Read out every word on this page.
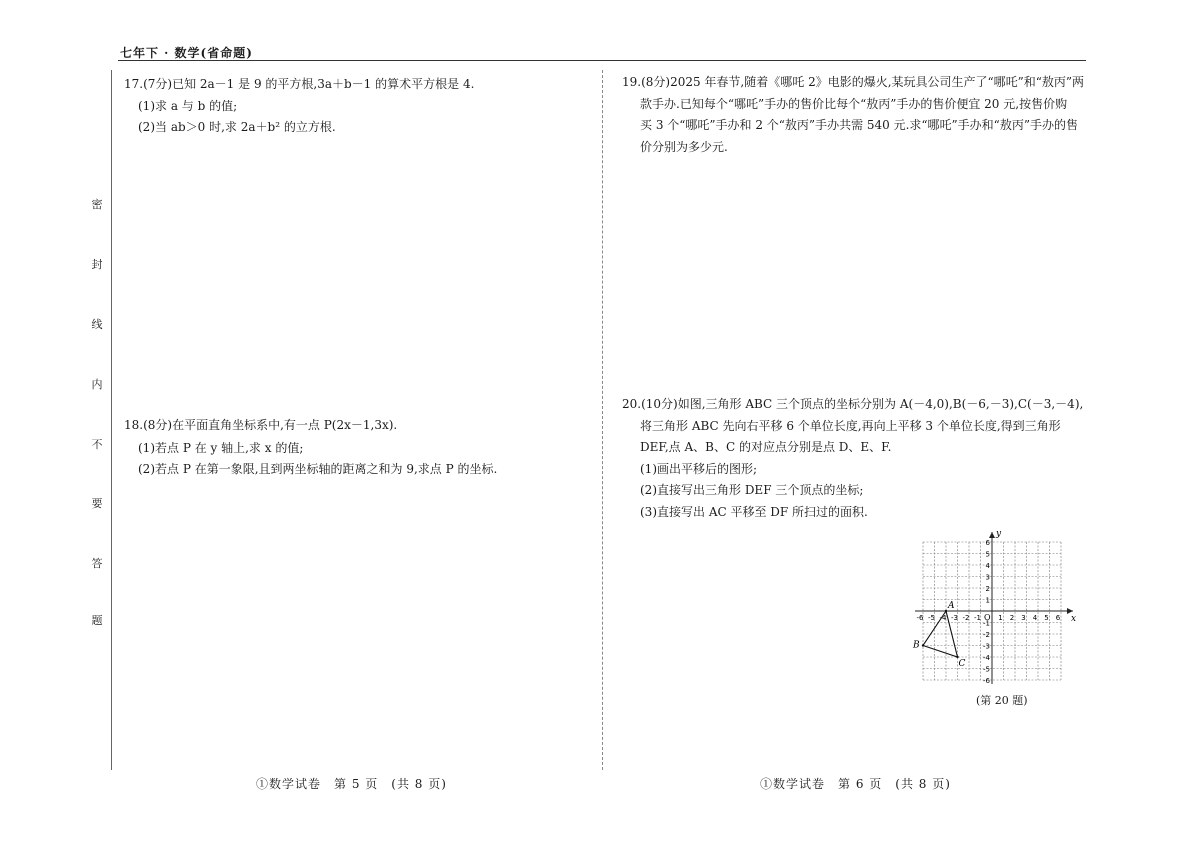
七年下 · 数学(省命题)
密
封
线
内
不
要
答
题
17.(7分)已知 2a－1 是 9 的平方根,3a＋b－1 的算术平方根是 4.
(1)求 a 与 b 的值;
(2)当 ab＞0 时,求 2a＋b² 的立方根.
18.(8分)在平面直角坐标系中,有一点 P(2x－1,3x).
(1)若点 P 在 y 轴上,求 x 的值;
(2)若点 P 在第一象限,且到两坐标轴的距离之和为 9,求点 P 的坐标.
19.(8分)2025 年春节,随着《哪吒 2》电影的爆火,某玩具公司生产了“哪吒”和“敖丙”两
款手办.已知每个“哪吒”手办的售价比每个“敖丙”手办的售价便宜 20 元,按售价购
买 3 个“哪吒”手办和 2 个“敖丙”手办共需 540 元.求“哪吒”手办和“敖丙”手办的售
价分别为多少元.
20.(10分)如图,三角形 ABC 三个顶点的坐标分别为 A(－4,0),B(－6,－3),C(－3,－4),
将三角形 ABC 先向右平移 6 个单位长度,再向上平移 3 个单位长度,得到三角形
DEF,点 A、B、C 的对应点分别是点 D、E、F.
(1)画出平移后的图形;
(2)直接写出三角形 DEF 三个顶点的坐标;
(3)直接写出 AC 平移至 DF 所扫过的面积.
x
y
O
-6 -5 -4 -3 -2 -1 1 2 3 4 5 6
6
5
4
3
2
1
-1
-2
-3
-4
-5
-6
A
B
C
(第 20 题)
①数学试卷　第 5 页　(共 8 页)	①数学试卷　第 6 页　(共 8 页)
